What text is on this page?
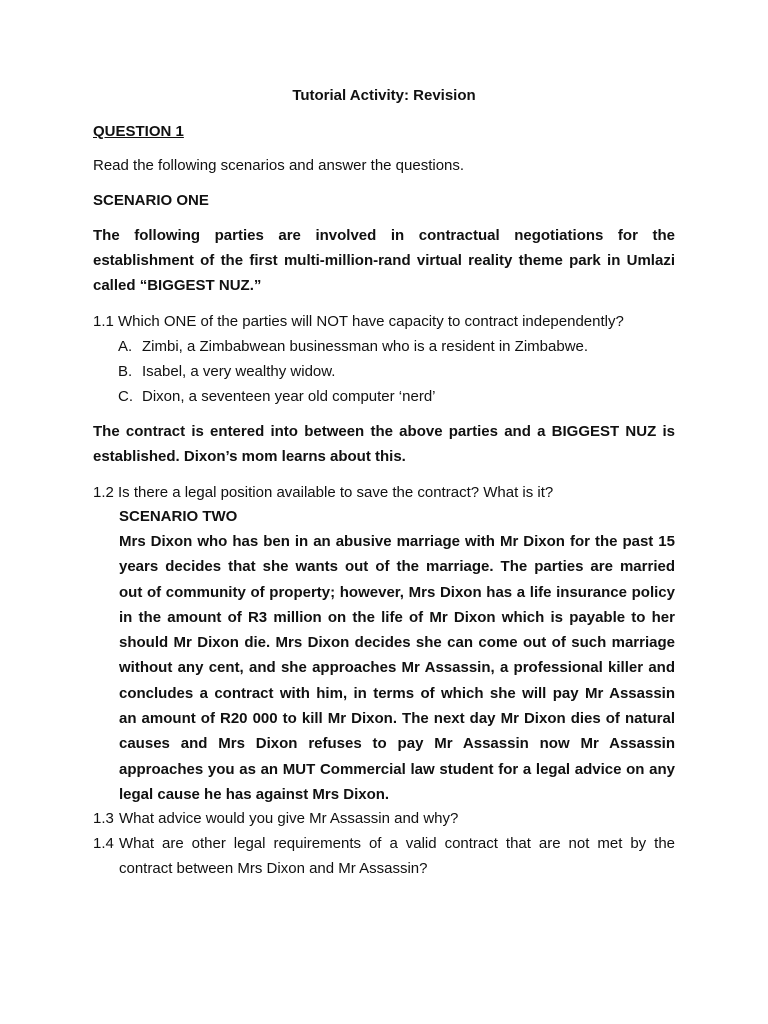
Tutorial Activity: Revision
QUESTION 1
Read the following scenarios and answer the questions.
SCENARIO ONE
The following parties are involved in contractual negotiations for the
establishment of the first multi-million-rand virtual reality theme park in Umlazi
called “BIGGEST NUZ.”
1.1 Which ONE of the parties will NOT have capacity to contract independently?
A. Zimbi, a Zimbabwean businessman who is a resident in Zimbabwe.
B. Isabel, a very wealthy widow.
C. Dixon, a seventeen year old computer ‘nerd’
The contract is entered into between the above parties and a BIGGEST NUZ is
established. Dixon’s mom learns about this.
1.2 Is there a legal position available to save the contract? What is it?
SCENARIO TWO
Mrs Dixon who has ben in an abusive marriage with Mr Dixon for the past 15
years decides that she wants out of the marriage. The parties are married
out of community of property; however, Mrs Dixon has a life insurance policy
in the amount of R3 million on the life of Mr Dixon which is payable to her
should Mr Dixon die. Mrs Dixon decides she can come out of such marriage
without any cent, and she approaches Mr Assassin, a professional killer and
concludes a contract with him, in terms of which she will pay Mr Assassin
an amount of R20 000 to kill Mr Dixon. The next day Mr Dixon dies of natural
causes and Mrs Dixon refuses to pay Mr Assassin now Mr Assassin
approaches you as an MUT Commercial law student for a legal advice on any
legal cause he has against Mrs Dixon.
1.3 What advice would you give Mr Assassin and why?
1.4 What are other legal requirements of a valid contract that are not met by the
contract between Mrs Dixon and Mr Assassin?
